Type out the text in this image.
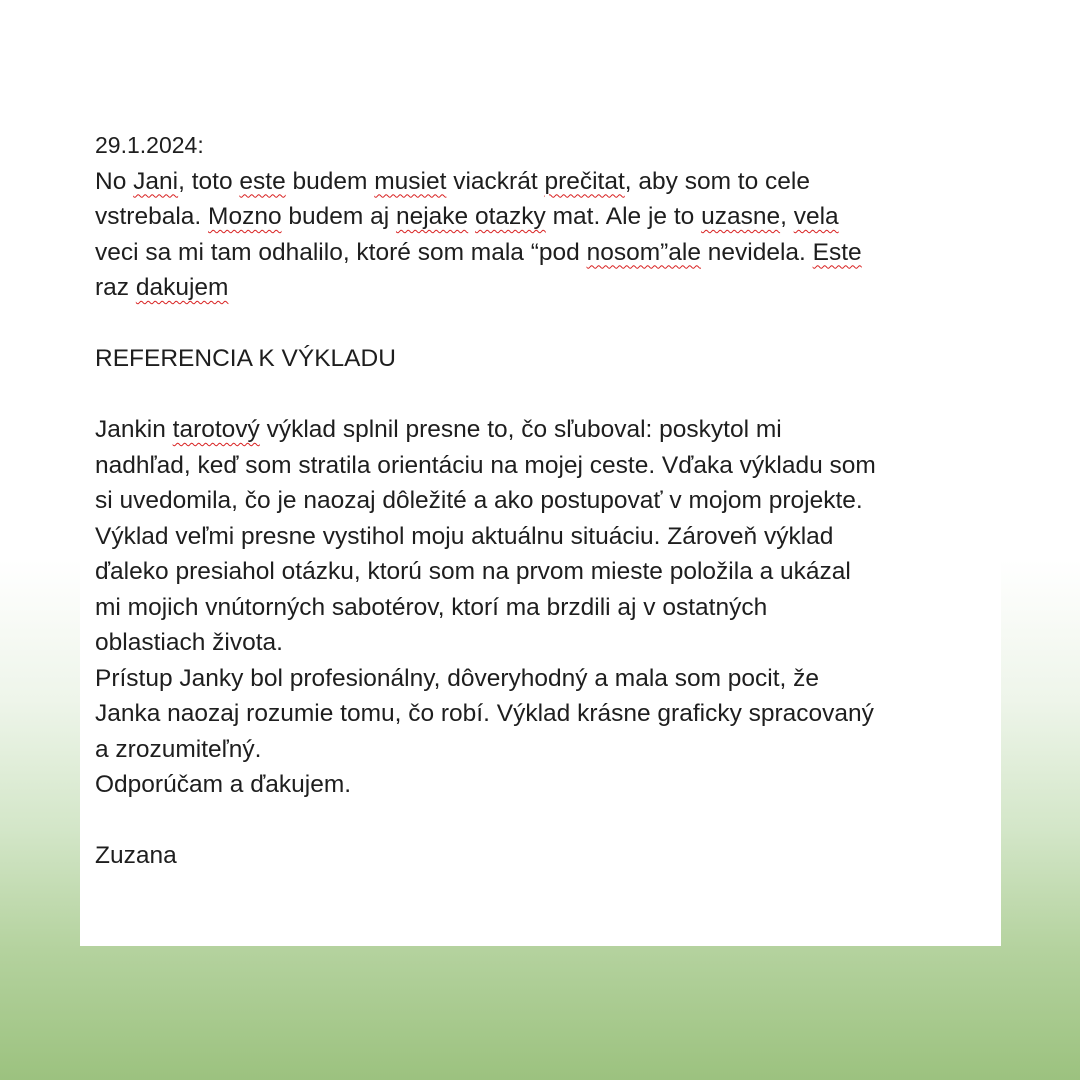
29.1.2024:

No Jani, toto este budem musiet viackrát prečitat, aby som to cele
vstrebala. Mozno budem aj nejake otazky mat. Ale je to uzasne, vela
veci sa mi tam odhalilo, ktoré som mala “pod nosom”ale nevidela. Este
raz dakujem

REFERENCIA K VÝKLADU

Jankin tarotový výklad splnil presne to, čo sľuboval: poskytol mi
nadhľad, keď som stratila orientáciu na mojej ceste. Vďaka výkladu som
si uvedomila, čo je naozaj dôležité a ako postupovať v mojom projekte.
Výklad veľmi presne vystihol moju aktuálnu situáciu. Zároveň výklad
ďaleko presiahol otázku, ktorú som na prvom mieste položila a ukázal
mi mojich vnútorných sabotérov, ktorí ma brzdili aj v ostatných
oblastiach života.
Prístup Janky bol profesionálny, dôveryhodný a mala som pocit, že
Janka naozaj rozumie tomu, čo robí. Výklad krásne graficky spracovaný
a zrozumiteľný.
Odporúčam a ďakujem.

Zuzana
